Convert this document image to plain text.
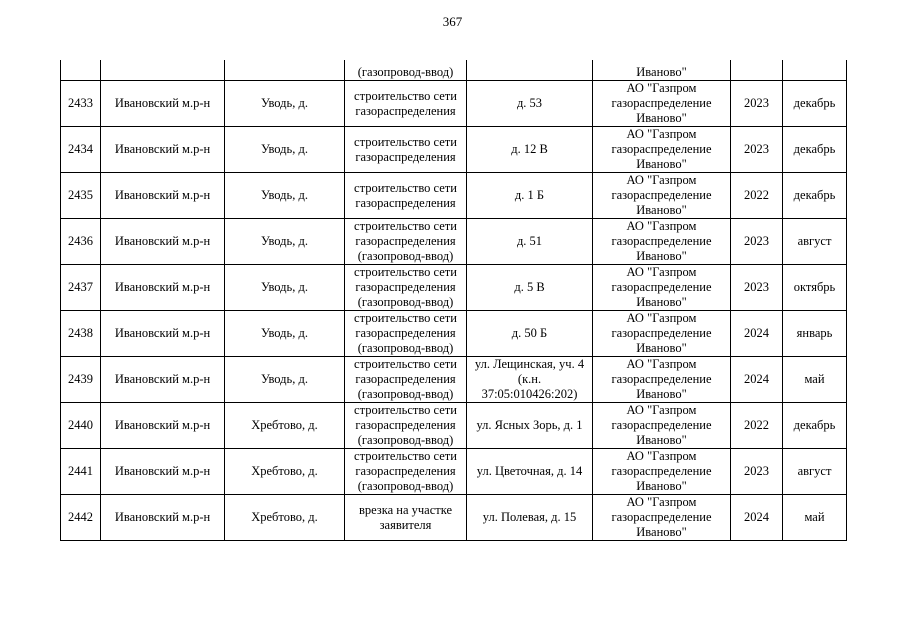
367
			(газопровод-ввод)		Иваново"		
2433	Ивановский м.р-н	Уводь, д.	строительство сети
газораспределения	д. 53	АО "Газпром
газораспределение
Иваново"	2023	декабрь
2434	Ивановский м.р-н	Уводь, д.	строительство сети
газораспределения	д. 12 В	АО "Газпром
газораспределение
Иваново"	2023	декабрь
2435	Ивановский м.р-н	Уводь, д.	строительство сети
газораспределения	д. 1 Б	АО "Газпром
газораспределение
Иваново"	2022	декабрь
2436	Ивановский м.р-н	Уводь, д.	строительство сети
газораспределения
(газопровод-ввод)	д. 51	АО "Газпром
газораспределение
Иваново"	2023	август
2437	Ивановский м.р-н	Уводь, д.	строительство сети
газораспределения
(газопровод-ввод)	д. 5 В	АО "Газпром
газораспределение
Иваново"	2023	октябрь
2438	Ивановский м.р-н	Уводь, д.	строительство сети
газораспределения
(газопровод-ввод)	д. 50 Б	АО "Газпром
газораспределение
Иваново"	2024	январь
2439	Ивановский м.р-н	Уводь, д.	строительство сети
газораспределения
(газопровод-ввод)	ул. Лещинская, уч. 4
(к.н.
37:05:010426:202)	АО "Газпром
газораспределение
Иваново"	2024	май
2440	Ивановский м.р-н	Хребтово, д.	строительство сети
газораспределения
(газопровод-ввод)	ул. Ясных Зорь, д. 1	АО "Газпром
газораспределение
Иваново"	2022	декабрь
2441	Ивановский м.р-н	Хребтово, д.	строительство сети
газораспределения
(газопровод-ввод)	ул. Цветочная, д. 14	АО "Газпром
газораспределение
Иваново"	2023	август
2442	Ивановский м.р-н	Хребтово, д.	врезка на участке
заявителя	ул. Полевая, д. 15	АО "Газпром
газораспределение
Иваново"	2024	май
